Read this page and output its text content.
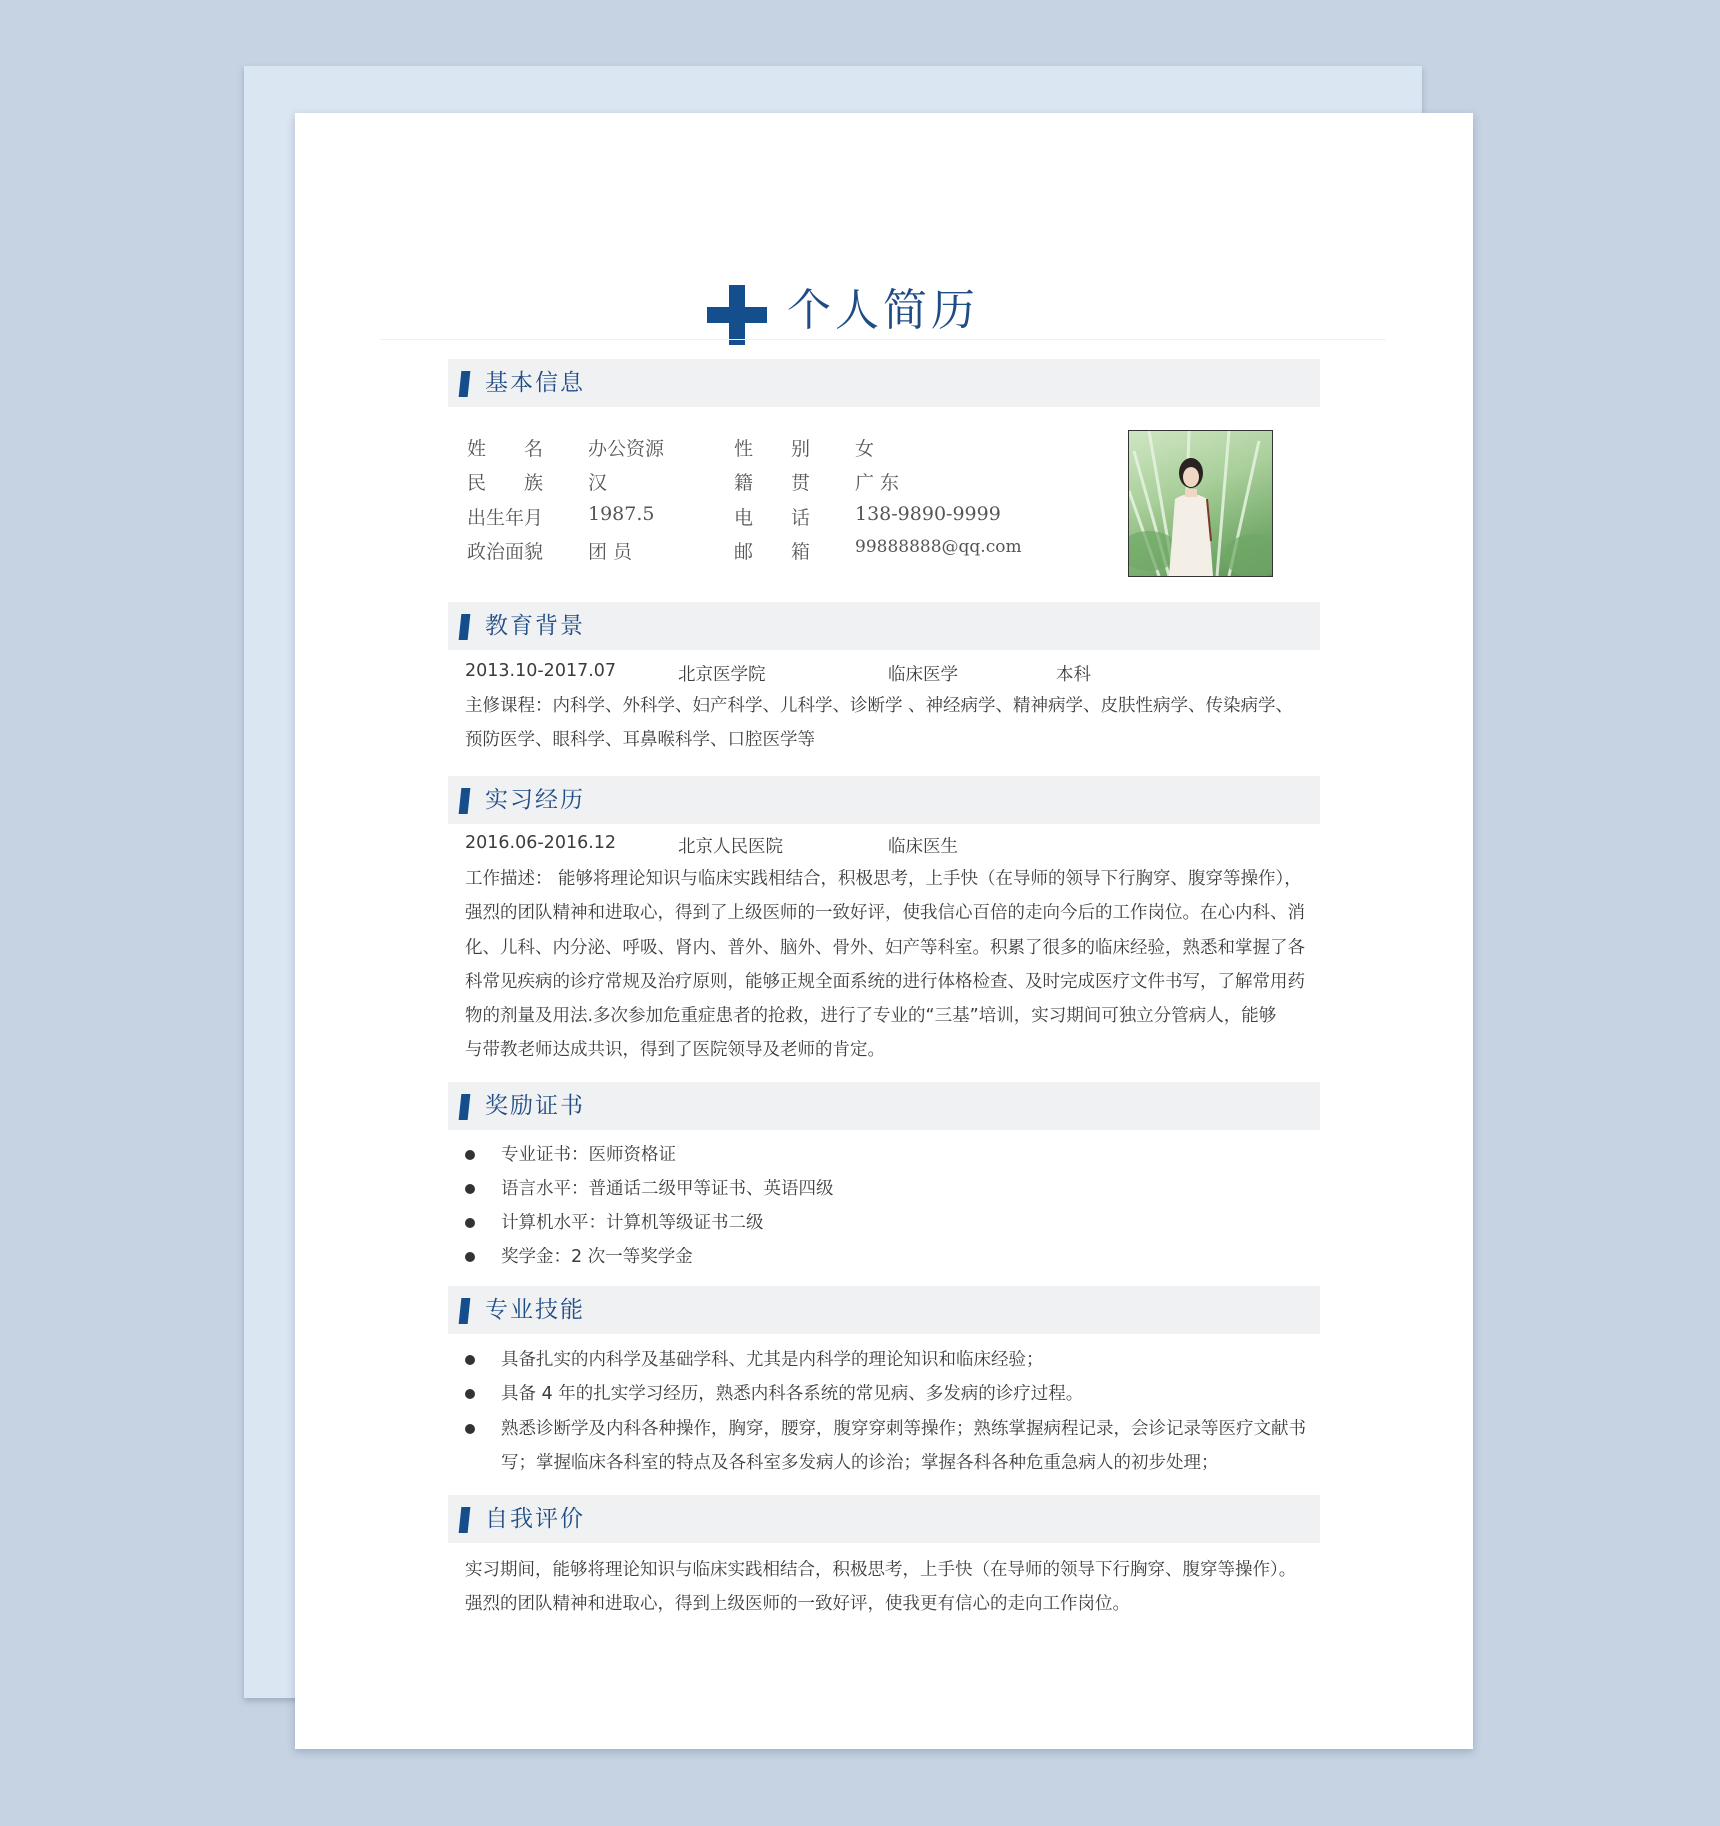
个人简历
基本信息
姓　　名 办公资源	性　　别 女
民　　族 汉	籍　　贯 广 东
出生年月 1987.5	电　　话 138-9890-9999
政治面貌 团 员	邮　　箱	99888888@qq.com
教育背景
2013.10-2017.07	北京医学院	临床医学	本科
主修课程：内科学、外科学、妇产科学、儿科学、诊断学 、神经病学、精神病学、皮肤性病学、传染病学、
预防医学、眼科学、耳鼻喉科学、口腔医学等
实习经历
2016.06-2016.12	北京人民医院	临床医生
工作描述： 能够将理论知识与临床实践相结合，积极思考，上手快（在导师的领导下行胸穿、腹穿等操作），
强烈的团队精神和进取心，得到了上级医师的一致好评，使我信心百倍的走向今后的工作岗位。在心内科、消
化、儿科、内分泌、呼吸、肾内、普外、脑外、骨外、妇产等科室。积累了很多的临床经验，熟悉和掌握了各
科常见疾病的诊疗常规及治疗原则，能够正规全面系统的进行体格检查、及时完成医疗文件书写，了解常用药
物的剂量及用法.多次参加危重症患者的抢救，进行了专业的“三基”培训，实习期间可独立分管病人，能够
与带教老师达成共识，得到了医院领导及老师的肯定。
奖励证书
专业证书：医师资格证
语言水平：普通话二级甲等证书、英语四级
计算机水平：计算机等级证书二级
奖学金：2 次一等奖学金
专业技能
具备扎实的内科学及基础学科、尤其是内科学的理论知识和临床经验；
具备 4 年的扎实学习经历，熟悉内科各系统的常见病、多发病的诊疗过程。
熟悉诊断学及内科各种操作，胸穿，腰穿，腹穿穿刺等操作；熟练掌握病程记录，会诊记录等医疗文献书
写；掌握临床各科室的特点及各科室多发病人的诊治；掌握各科各种危重急病人的初步处理；
自我评价
实习期间，能够将理论知识与临床实践相结合，积极思考，上手快（在导师的领导下行胸穿、腹穿等操作）。
强烈的团队精神和进取心，得到上级医师的一致好评，使我更有信心的走向工作岗位。
